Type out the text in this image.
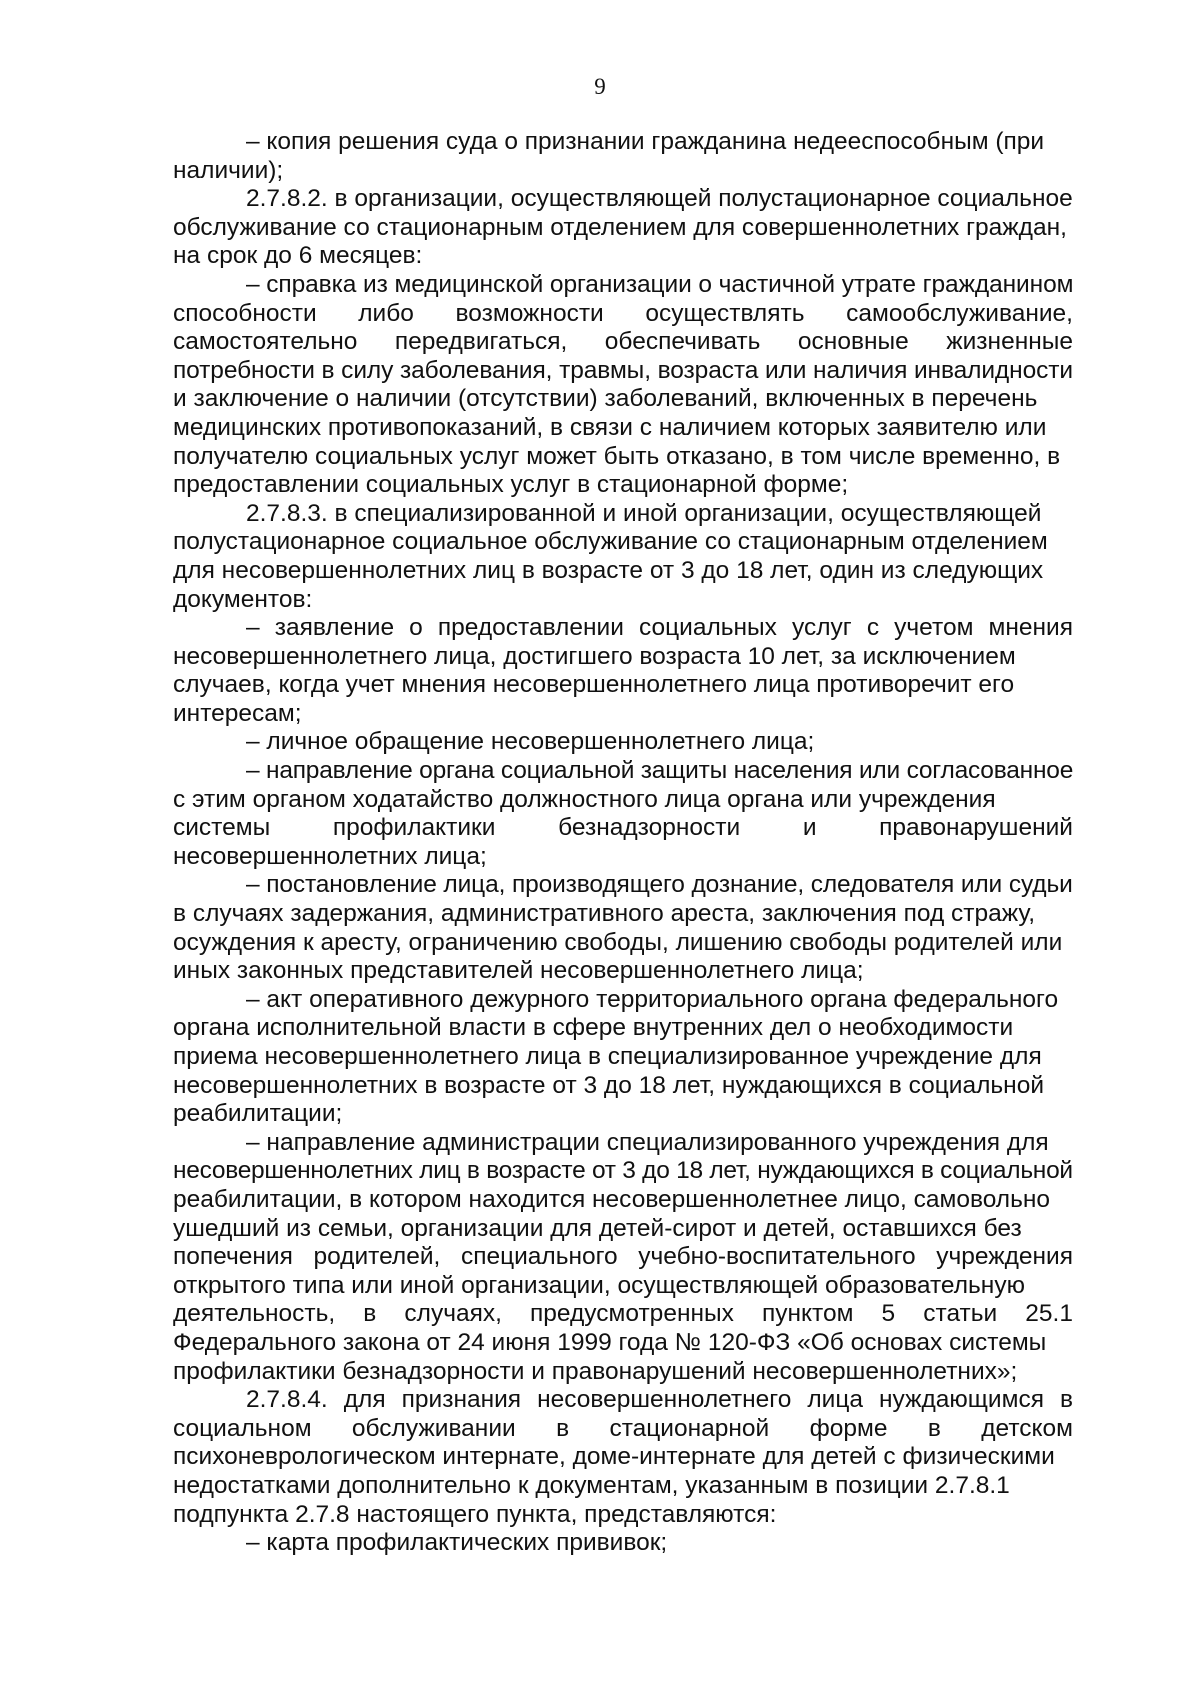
9
– копия решения суда о признании гражданина недееспособным (при
наличии);
2.7.8.2. в организации, осуществляющей полустационарное социальное
обслуживание со стационарным отделением для совершеннолетних граждан,
на срок до 6 месяцев:
– справка из медицинской организации о частичной утрате гражданином
способности либо возможности осуществлять самообслуживание,
самостоятельно передвигаться, обеспечивать основные жизненные
потребности в силу заболевания, травмы, возраста или наличия инвалидности
и заключение о наличии (отсутствии) заболеваний, включенных в перечень
медицинских противопоказаний, в связи с наличием которых заявителю или
получателю социальных услуг может быть отказано, в том числе временно, в
предоставлении социальных услуг в стационарной форме;
2.7.8.3. в специализированной и иной организации, осуществляющей
полустационарное социальное обслуживание со стационарным отделением
для несовершеннолетних лиц в возрасте от 3 до 18 лет, один из следующих
документов:
– заявление о предоставлении социальных услуг с учетом мнения
несовершеннолетнего лица, достигшего возраста 10 лет, за исключением
случаев, когда учет мнения несовершеннолетнего лица противоречит его
интересам;
– личное обращение несовершеннолетнего лица;
– направление органа социальной защиты населения или согласованное
с этим органом ходатайство должностного лица органа или учреждения
системы профилактики безнадзорности и правонарушений
несовершеннолетних лица;
– постановление лица, производящего дознание, следователя или судьи
в случаях задержания, административного ареста, заключения под стражу,
осуждения к аресту, ограничению свободы, лишению свободы родителей или
иных законных представителей несовершеннолетнего лица;
– акт оперативного дежурного территориального органа федерального
органа исполнительной власти в сфере внутренних дел о необходимости
приема несовершеннолетнего лица в специализированное учреждение для
несовершеннолетних в возрасте от 3 до 18 лет, нуждающихся в социальной
реабилитации;
– направление администрации специализированного учреждения для
несовершеннолетних лиц в возрасте от 3 до 18 лет, нуждающихся в социальной
реабилитации, в котором находится несовершеннолетнее лицо, самовольно
ушедший из семьи, организации для детей-сирот и детей, оставшихся без
попечения родителей, специального учебно-воспитательного учреждения
открытого типа или иной организации, осуществляющей образовательную
деятельность, в случаях, предусмотренных пунктом 5 статьи 25.1
Федерального закона от 24 июня 1999 года № 120-ФЗ «Об основах системы
профилактики безнадзорности и правонарушений несовершеннолетних»;
2.7.8.4. для признания несовершеннолетнего лица нуждающимся в
социальном обслуживании в стационарной форме в детском
психоневрологическом интернате, доме-интернате для детей с физическими
недостатками дополнительно к документам, указанным в позиции 2.7.8.1
подпункта 2.7.8 настоящего пункта, представляются:
– карта профилактических прививок;
